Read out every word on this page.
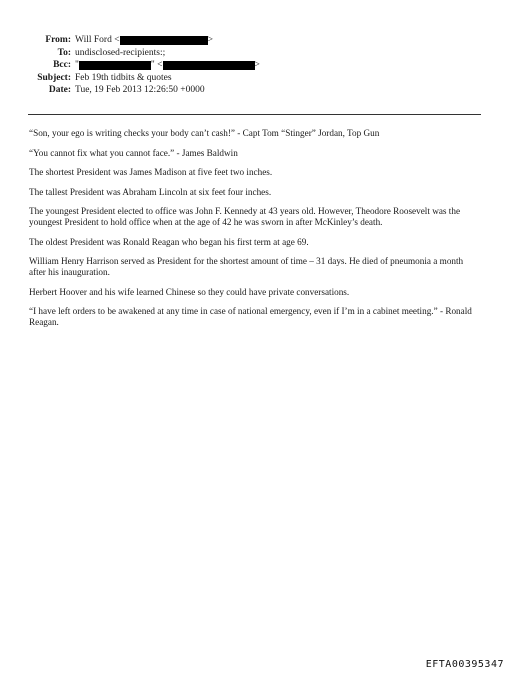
From: Will Ford <	>
To: undisclosed-recipients:;
Bcc: "	" <	>
Subject: Feb 19th tidbits & quotes
Date: Tue, 19 Feb 2013 12:26:50 +0000

“Son, your ego is writing checks your body can’t cash!” - Capt Tom “Stinger” Jordan, Top Gun

“You cannot fix what you cannot face.” - James Baldwin

The shortest President was James Madison at five feet two inches.

The tallest President was Abraham Lincoln at six feet four inches.

The youngest President elected to office was John F. Kennedy at 43 years old. However, Theodore Roosevelt was the youngest President to hold office when at the age of 42 he was sworn in after McKinley’s death.

The oldest President was Ronald Reagan who began his first term at age 69.

William Henry Harrison served as President for the shortest amount of time – 31 days. He died of pneumonia a month after his inauguration.

Herbert Hoover and his wife learned Chinese so they could have private conversations.

“I have left orders to be awakened at any time in case of national emergency, even if I’m in a cabinet meeting.” - Ronald Reagan.

EFTA00395347
